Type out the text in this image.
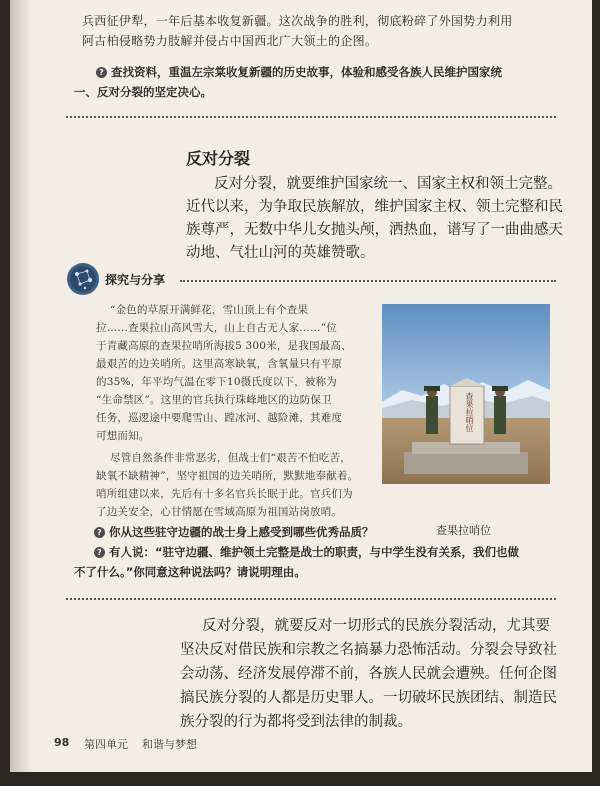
兵西征伊犁，一年后基本收复新疆。这次战争的胜利，彻底粉碎了外国势力利用
阿古柏侵略势力肢解并侵占中国西北广大领土的企图。
? 查找资料，重温左宗棠收复新疆的历史故事，体验和感受各族人民维护国家统
一、反对分裂的坚定决心。
反对分裂
反对分裂，就要维护国家统一、国家主权和领土完整。
近代以来，为争取民族解放，维护国家主权、领土完整和民
族尊严，无数中华儿女抛头颅，洒热血，谱写了一曲曲感天
动地、气壮山河的英雄赞歌。
探究与分享
“金色的草原开满鲜花，雪山顶上有个查果
拉……查果拉山高风雪大，山上自古无人家……”位
于青藏高原的查果拉哨所海拔5 300米，是我国最高、
最艰苦的边关哨所。这里高寒缺氧，含氧量只有平原
的35%，年平均气温在零下10摄氏度以下，被称为
“生命禁区”。这里的官兵执行珠峰地区的边防保卫
任务，巡逻途中要爬雪山、蹚冰河、越险滩，其难度
可想而知。
尽管自然条件非常恶劣，但战士们“艰苦不怕吃苦，
缺氧不缺精神”，坚守祖国的边关哨所，默默地奉献着。
哨所组建以来，先后有十多名官兵长眠于此。官兵们为
了边关安全，心甘情愿在雪域高原为祖国站岗放哨。
查果拉哨位
查果拉哨位
? 你从这些驻守边疆的战士身上感受到哪些优秀品质？
? 有人说：“驻守边疆、维护领土完整是战士的职责，与中学生没有关系，我们也做
不了什么。”你同意这种说法吗？请说明理由。
反对分裂，就要反对一切形式的民族分裂活动，尤其要
坚决反对借民族和宗教之名搞暴力恐怖活动。分裂会导致社
会动荡、经济发展停滞不前，各族人民就会遭殃。任何企图
搞民族分裂的人都是历史罪人。一切破坏民族团结、制造民
族分裂的行为都将受到法律的制裁。
98 第四单元 和谐与梦想
